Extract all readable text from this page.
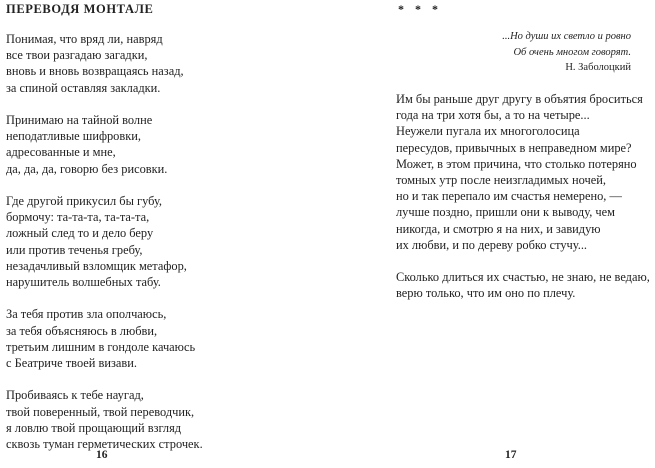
ПЕРЕВОДЯ МОНТАЛЕ
Понимая, что вряд ли, навряд
все твои разгадаю загадки,
вновь и вновь возвращаясь назад,
за спиной оставляя закладки.
Принимаю на тайной волне
неподатливые шифровки,
адресованные и мне,
да, да, да, говорю без рисовки.
Где другой прикусил бы губу,
бормочу: та-та-та, та-та-та,
ложный след то и дело беру
или против теченья гребу,
незадачливый взломщик метафор,
нарушитель волшебных табу.
За тебя против зла ополчаюсь,
за тебя объясняюсь в любви,
третьим лишним в гондоле качаюсь
с Беатриче твоей визави.
Пробиваясь к тебе наугад,
твой поверенный, твой переводчик,
я ловлю твой прощающий взгляд
сквозь туман герметических строчек.
16
* * *
...Но души их светло и ровно
Об очень многом говорят.
Н. Заболоцкий
Им бы раньше друг другу в объятия броситься
года на три хотя бы, а то на четыре...
Неужели пугала их многоголосица
пересудов, привычных в неправедном мире?
Может, в этом причина, что столько потеряно
томных утр после неизгладимых ночей,
но и так перепало им счастья немерено, —
лучше поздно, пришли они к выводу, чем
никогда, и смотрю я на них, и завидую
их любви, и по дереву робко стучу...
Сколько длиться их счастью, не знаю, не ведаю,
верю только, что им оно по плечу.
17
